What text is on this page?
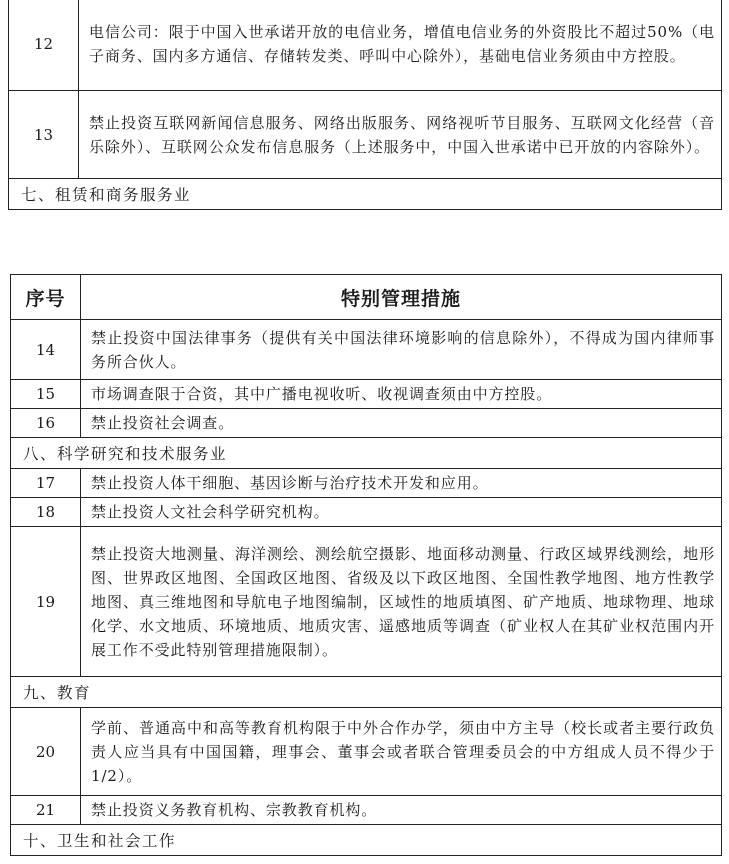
12	电信公司：限于中国入世承诺开放的电信业务，增值电信业务的外资股比不超过50%（电子商务、国内多方通信、存储转发类、呼叫中心除外），基础电信业务须由中方控股。
13	禁止投资互联网新闻信息服务、网络出版服务、网络视听节目服务、互联网文化经营（音乐除外）、互联网公众发布信息服务（上述服务中，中国入世承诺中已开放的内容除外）。
七、租赁和商务服务业	
序号	特别管理措施
14	禁止投资中国法律事务（提供有关中国法律环境影响的信息除外），不得成为国内律师事务所合伙人。
15	市场调查限于合资，其中广播电视收听、收视调查须由中方控股。
16	禁止投资社会调查。
八、科学研究和技术服务业	
17	禁止投资人体干细胞、基因诊断与治疗技术开发和应用。
18	禁止投资人文社会科学研究机构。
19	禁止投资大地测量、海洋测绘、测绘航空摄影、地面移动测量、行政区域界线测绘，地形图、世界政区地图、全国政区地图、省级及以下政区地图、全国性教学地图、地方性教学地图、真三维地图和导航电子地图编制，区域性的地质填图、矿产地质、地球物理、地球化学、水文地质、环境地质、地质灾害、遥感地质等调查（矿业权人在其矿业权范围内开展工作不受此特别管理措施限制）。
九、教育	
20	学前、普通高中和高等教育机构限于中外合作办学，须由中方主导（校长或者主要行政负责人应当具有中国国籍，理事会、董事会或者联合管理委员会的中方组成人员不得少于1/2）。
21	禁止投资义务教育机构、宗教教育机构。
十、卫生和社会工作	
